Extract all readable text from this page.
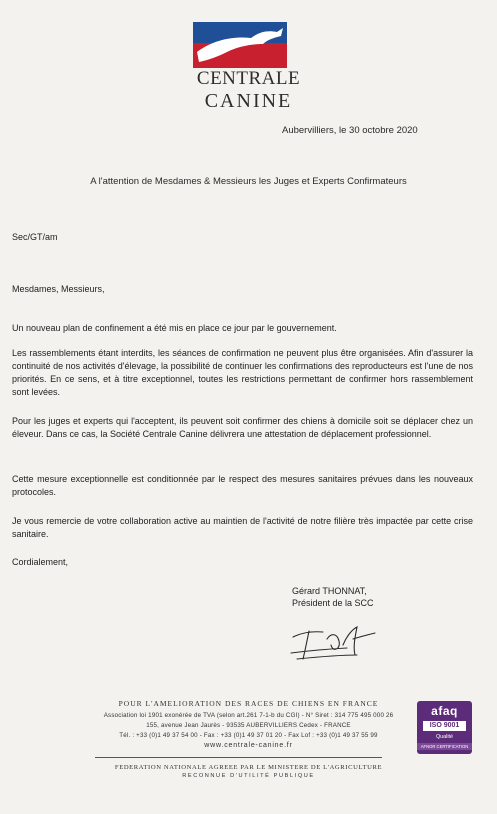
CENTRALE
CANINE
Aubervilliers, le 30 octobre 2020
A l'attention de Mesdames & Messieurs les Juges et Experts Confirmateurs
Sec/GT/am
Mesdames, Messieurs,

Un nouveau plan de confinement a été mis en place ce jour par le gouvernement.

Les rassemblements étant interdits, les séances de confirmation ne peuvent plus être organisées. Afin d'assurer la continuité de nos activités d'élevage, la possibilité de continuer les confirmations des reproducteurs est l'une de nos priorités. En ce sens, et à titre exceptionnel, toutes les restrictions permettant de confirmer hors rassemblement sont levées.

Pour les juges et experts qui l'acceptent, ils peuvent soit confirmer des chiens à domicile soit se déplacer chez un éleveur. Dans ce cas, la Société Centrale Canine délivrera une attestation de déplacement professionnel.

Cette mesure exceptionnelle est conditionnée par le respect des mesures sanitaires prévues dans les nouveaux protocoles.

Je vous remercie de votre collaboration active au maintien de l'activité de notre filière très impactée par cette crise sanitaire.

Cordialement,
Gérard THONNAT,
Président de la SCC
POUR L'AMELIORATION DES RACES DE CHIENS EN FRANCE
Association loi 1901 exonérée de TVA (selon art.261 7-1-b du CGI) - N° Siret : 314 775 495 000 26
155, avenue Jean Jaurès - 93535 AUBERVILLIERS Cedex - FRANCE
Tél. : +33 (0)1 49 37 54 00 - Fax : +33 (0)1 49 37 01 20 - Fax Lof : +33 (0)1 49 37 55 99
www.centrale-canine.fr
FEDERATION NATIONALE AGREEE PAR LE MINISTERE DE L'AGRICULTURE
RECONNUE D'UTILITÉ PUBLIQUE
afaq
ISO 9001
Qualité
AFNOR CERTIFICATION
